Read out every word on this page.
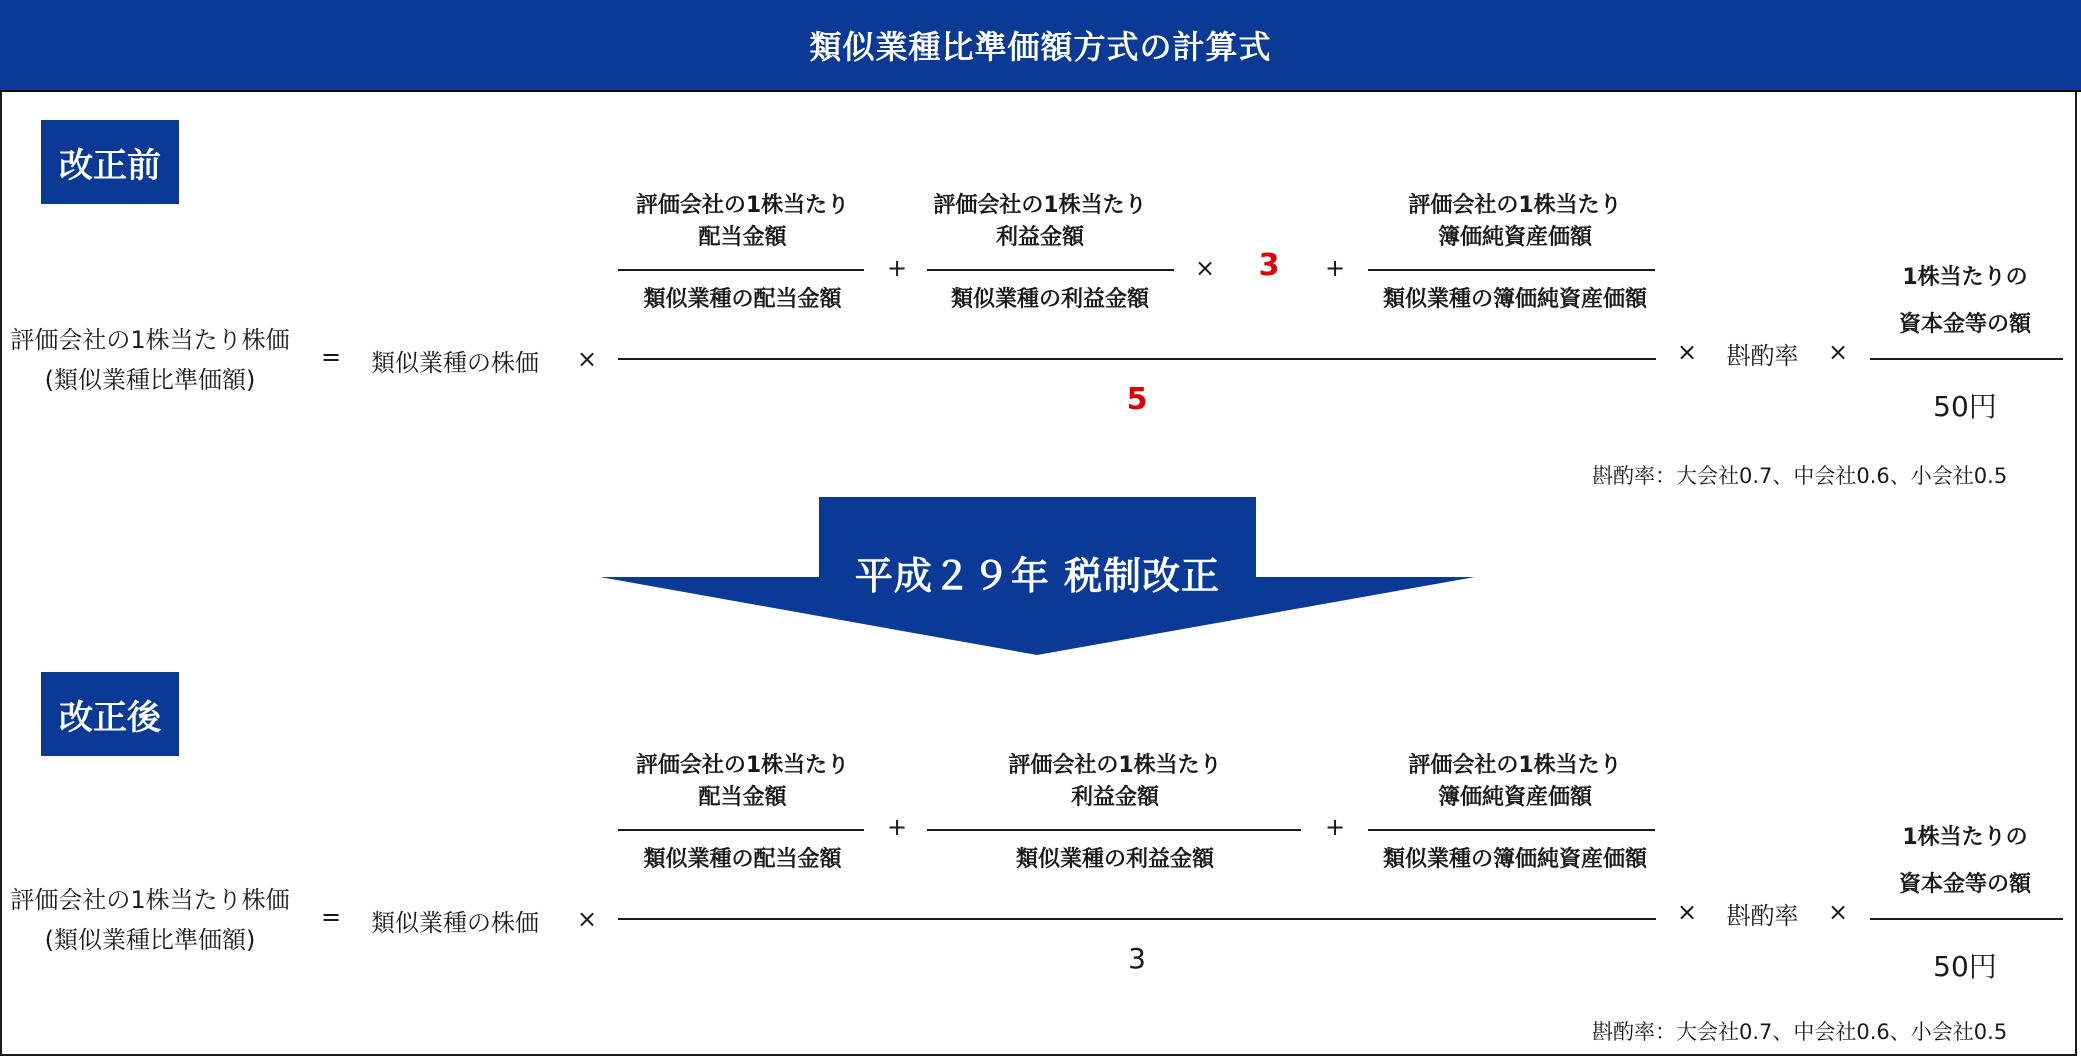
類似業種比準価額方式の計算式
改正前
評価会社の1株当たり株価
(類似業種比準価額)
=	類似業種の株価	×
評価会社の1株当たり
配当金額
類似業種の配当金額
+
評価会社の1株当たり
利益金額
類似業種の利益金額
× 3 +
評価会社の1株当たり
簿価純資産価額
類似業種の簿価純資産価額
5
×	斟酌率	×
1株当たりの
資本金等の額
50円
斟酌率：大会社0.7、中会社0.6、小会社0.5
平成２９年 税制改正
改正後
評価会社の1株当たり株価
(類似業種比準価額)
=	類似業種の株価	×
評価会社の1株当たり
配当金額
類似業種の配当金額
+
評価会社の1株当たり
利益金額
類似業種の利益金額
+
評価会社の1株当たり
簿価純資産価額
類似業種の簿価純資産価額
3
×	斟酌率	×
1株当たりの
資本金等の額
50円
斟酌率：大会社0.7、中会社0.6、小会社0.5
